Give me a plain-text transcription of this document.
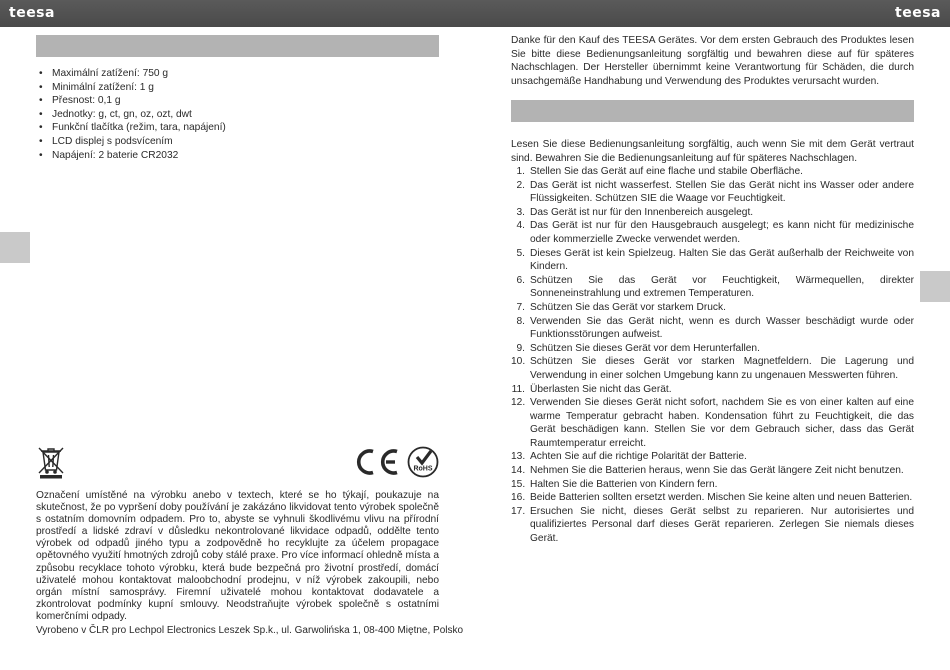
teesa	teesa
• Maximální zatížení: 750 g
• Minimální zatížení: 1 g
• Přesnost: 0,1 g
• Jednotky: g, ct, gn, oz, ozt, dwt
• Funkční tlačítka (režim, tara, napájení)
• LCD displej s podsvícením
• Napájení: 2 baterie CR2032
RoHS

Označení umístěné na výrobku anebo v textech, které se ho týkají, poukazuje na skutečnost, že po vypršení doby používání je zakázáno likvidovat tento výrobek společně s ostatním domovním odpadem. Pro to, abyste se vyhnuli škodlivému vlivu na přírodní prostředí a lidské zdraví v důsledku nekontrolované likvidace odpadů, oddělte tento výrobek od odpadů jiného typu a zodpovědně ho recyklujte za účelem propagace opětovného využití hmotných zdrojů coby stálé praxe. Pro více informací ohledně místa a způsobu recyklace tohoto výrobku, která bude bezpečná pro životní prostředí, domácí uživatelé mohou kontaktovat maloobchodní prodejnu, v níž výrobek zakoupili, nebo orgán místní samosprávy. Firemní uživatelé mohou kontaktovat dodavatele a zkontrolovat podmínky kupní smlouvy. Neodstraňujte výrobek společně s ostatními komerčními odpady.

Vyrobeno v ČLR pro Lechpol Electronics Leszek Sp.k., ul. Garwolińska 1, 08-400 Miętne, Polsko

Danke für den Kauf des TEESA Gerätes. Vor dem ersten Gebrauch des Produktes lesen Sie bitte diese Bedienungsanleitung sorgfältig und bewahren diese auf für späteres Nachschlagen. Der Hersteller übernimmt keine Verantwortung für Schäden, die durch unsachgemäße Handhabung und Verwendung des Produktes verursacht wurden.

Lesen Sie diese Bedienungsanleitung sorgfältig, auch wenn Sie mit dem Gerät vertraut sind. Bewahren Sie die Bedienungsanleitung auf für späteres Nachschlagen.

1. Stellen Sie das Gerät auf eine flache und stabile Oberfläche.
2. Das Gerät ist nicht wasserfest. Stellen Sie das Gerät nicht ins Wasser oder andere Flüssigkeiten. Schützen SIE die Waage vor Feuchtigkeit.
3. Das Gerät ist nur für den Innenbereich ausgelegt.
4. Das Gerät ist nur für den Hausgebrauch ausgelegt; es kann nicht für medizinische oder kommerzielle Zwecke verwendet werden.
5. Dieses Gerät ist kein Spielzeug. Halten Sie das Gerät außerhalb der Reichweite von Kindern.
6. Schützen Sie das Gerät vor Feuchtigkeit, Wärmequellen, direkter Sonneneinstrahlung und extremen Temperaturen.
7. Schützen Sie das Gerät vor starkem Druck.
8. Verwenden Sie das Gerät nicht, wenn es durch Wasser beschädigt wurde oder Funktionsstörungen aufweist.
9. Schützen Sie dieses Gerät vor dem Herunterfallen.
10. Schützen Sie dieses Gerät vor starken Magnetfeldern. Die Lagerung und Verwendung in einer solchen Umgebung kann zu ungenauen Messwerten führen.
11. Überlasten Sie nicht das Gerät.
12. Verwenden Sie dieses Gerät nicht sofort, nachdem Sie es von einer kalten auf eine warme Temperatur gebracht haben. Kondensation führt zu Feuchtigkeit, die das Gerät beschädigen kann. Stellen Sie vor dem Gebrauch sicher, dass das Gerät Raumtemperatur erreicht.
13. Achten Sie auf die richtige Polarität der Batterie.
14. Nehmen Sie die Batterien heraus, wenn Sie das Gerät längere Zeit nicht benutzen.
15. Halten Sie die Batterien von Kindern fern.
16. Beide Batterien sollten ersetzt werden. Mischen Sie keine alten und neuen Batterien.
17. Ersuchen Sie nicht, dieses Gerät selbst zu reparieren. Nur autorisiertes und qualifiziertes Personal darf dieses Gerät reparieren. Zerlegen Sie niemals dieses Gerät.
